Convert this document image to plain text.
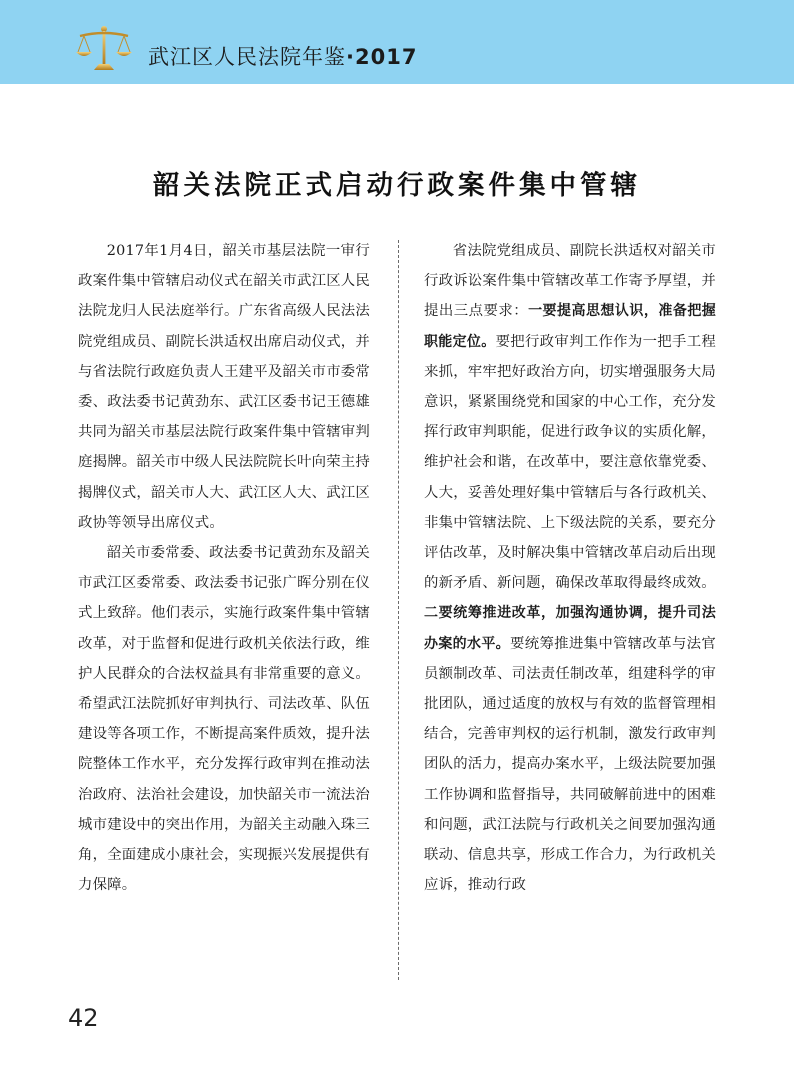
武江区人民法院年鉴·2017
韶关法院正式启动行政案件集中管辖

2017年1月4日，韶关市基层法院一审行政案件集中管辖启动仪式在韶关市武江区人民法院龙归人民法庭举行。广东省高级人民法法院党组成员、副院长洪适权出席启动仪式，并与省法院行政庭负责人王建平及韶关市市委常委、政法委书记黄劲东、武江区委书记王德雄共同为韶关市基层法院行政案件集中管辖审判庭揭牌。韶关市中级人民法院院长叶向荣主持揭牌仪式，韶关市人大、武江区人大、武江区政协等领导出席仪式。

韶关市委常委、政法委书记黄劲东及韶关市武江区委常委、政法委书记张广晖分别在仪式上致辞。他们表示，实施行政案件集中管辖改革，对于监督和促进行政机关依法行政，维护人民群众的合法权益具有非常重要的意义。希望武江法院抓好审判执行、司法改革、队伍建设等各项工作，不断提高案件质效，提升法院整体工作水平，充分发挥行政审判在推动法治政府、法治社会建设，加快韶关市一流法治城市建设中的突出作用，为韶关主动融入珠三角，全面建成小康社会，实现振兴发展提供有力保障。

省法院党组成员、副院长洪适权对韶关市行政诉讼案件集中管辖改革工作寄予厚望，并提出三点要求：一要提高思想认识，准备把握职能定位。要把行政审判工作作为一把手工程来抓，牢牢把好政治方向，切实增强服务大局意识，紧紧围绕党和国家的中心工作，充分发挥行政审判职能，促进行政争议的实质化解，维护社会和谐，在改革中，要注意依靠党委、人大，妥善处理好集中管辖后与各行政机关、非集中管辖法院、上下级法院的关系，要充分评估改革，及时解决集中管辖改革启动后出现的新矛盾、新问题，确保改革取得最终成效。

二要统筹推进改革，加强沟通协调，提升司法办案的水平。要统筹推进集中管辖改革与法官员额制改革、司法责任制改革，组建科学的审批团队，通过适度的放权与有效的监督管理相结合，完善审判权的运行机制，激发行政审判团队的活力，提高办案水平，上级法院要加强工作协调和监督指导，共同破解前进中的困难和问题，武江法院与行政机关之间要加强沟通联动、信息共享，形成工作合力，为行政机关应诉，推动行政

42
